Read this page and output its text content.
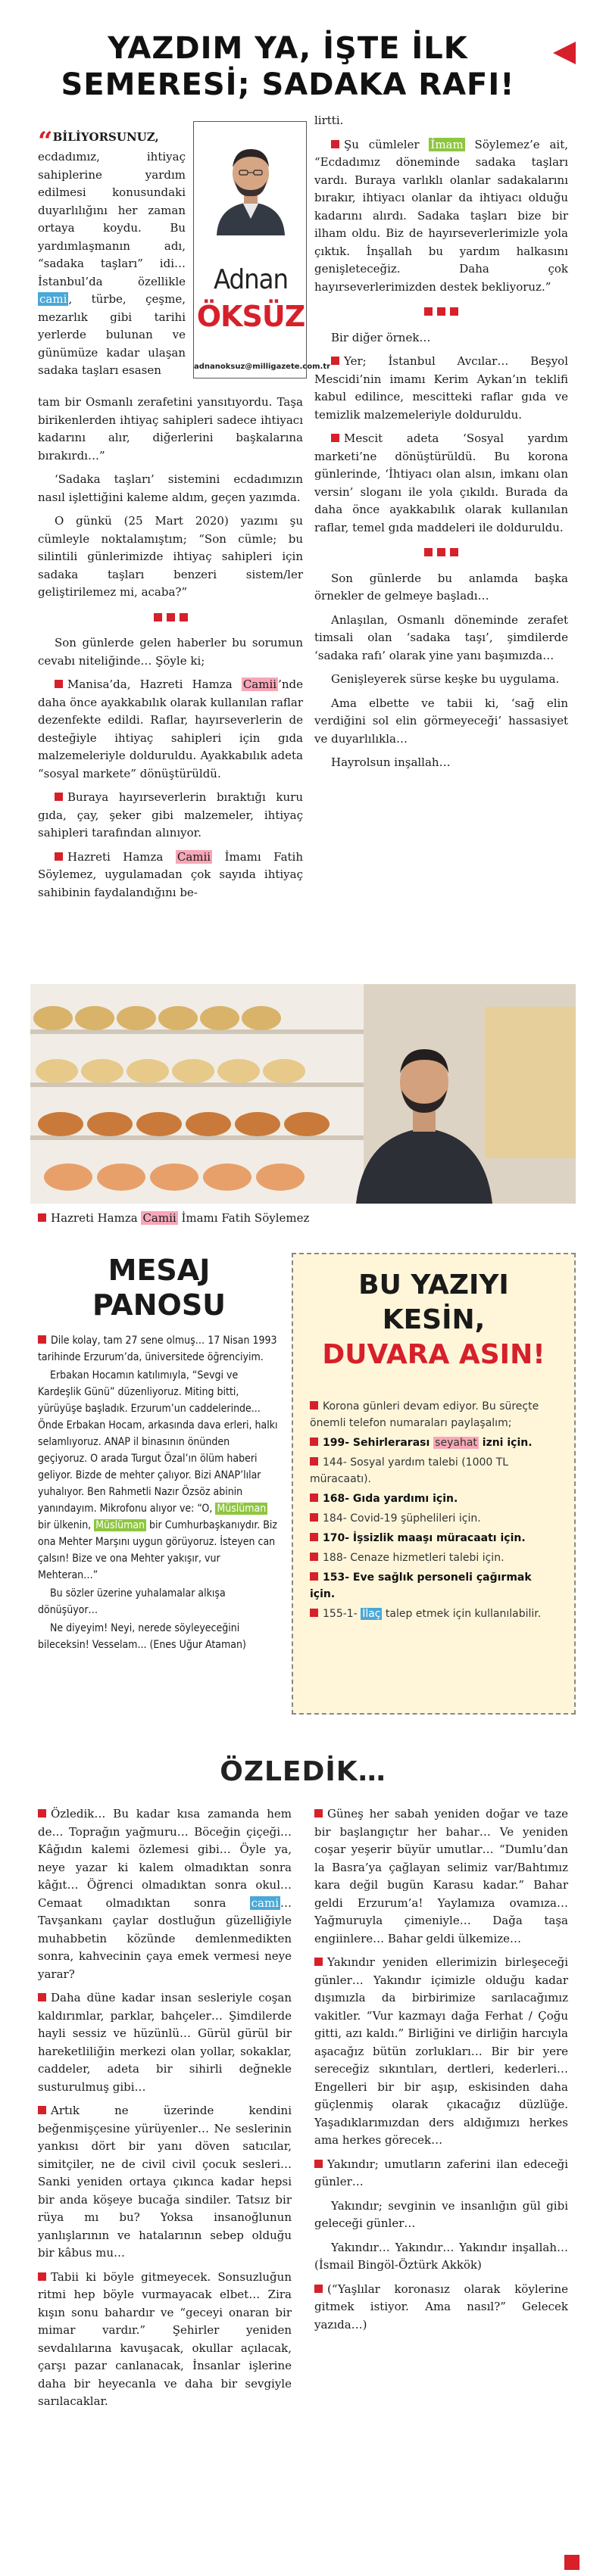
YAZDIM YA, İŞTE İLK
SEMERESİ; SADAKA RAFI!

“BİLİYORSUNUZ, ecdadımız, ihtiyaç sahiplerine yardım edilmesi konusundaki duyarlılığını her zaman ortaya koydu. Bu yardımlaşmanın adı, “sadaka taşları” idi… İstanbul’da özellikle cami , türbe, çeşme, mezarlık gibi tarihi yerlerde bulunan ve günümüze kadar ulaşan sadaka taşları esasen

Adnan
ÖKSÜZ
adnanoksuz@milligazete.com.tr

tam bir Osmanlı zerafetini yansıtıyordu. Taşa birikenlerden ihtiyaç sahipleri sadece ihtiyacı kadarını alır, diğerlerini başkalarına bırakırdı…”

‘Sadaka taşları’ sistemini ecdadımızın nasıl işlettiğini kaleme aldım, geçen yazımda.

O günkü (25 Mart 2020) yazımı şu cümleyle noktalamıştım; “Son cümle; bu silintili günlerimizde ihtiyaç sahipleri için sadaka taşları benzeri sistem/ler geliştirilemez mi, acaba?”

Son günlerde gelen haberler bu sorumun cevabı niteliğinde… Şöyle ki;

Manisa’da, Hazreti Hamza Camii ’nde daha önce ayakkabılık olarak kullanılan raflar dezenfekte edildi. Raflar, hayırseverlerin de desteğiyle ihtiyaç sahipleri için gıda malzemeleriyle dolduruldu. Ayakkabılık adeta “sosyal markete” dönüştürüldü.

Buraya hayırseverlerin bıraktığı kuru gıda, çay, şeker gibi malzemeler, ihtiyaç sahipleri tarafından alınıyor.

Hazreti Hamza Camii İmamı Fatih Söylemez, uygulamadan çok sayıda ihtiyaç sahibinin faydalandığını be-

lirtti.

Şu cümleler İmam Söylemez’e ait, “Ecdadımız döneminde sadaka taşları vardı. Buraya varlıklı olanlar sadakalarını bırakır, ihtiyacı olanlar da ihtiyacı olduğu kadarını alırdı. Sadaka taşları bize bir ilham oldu. Biz de hayırseverlerimizle yola çıktık. İnşallah bu yardım halkasını genişleteceğiz. Daha çok hayırseverlerimizden destek bekliyoruz.”

Bir diğer örnek…

Yer; İstanbul Avcılar… Beşyol Mescidi’nin imamı Kerim Aykan’ın teklifi kabul edilince, mescitteki raflar gıda ve temizlik malzemeleriyle dolduruldu.

Mescit adeta ‘Sosyal yardım marketi’ne dönüştürüldü. Bu korona günlerinde, ‘İhtiyacı olan alsın, imkanı olan versin’ sloganı ile yola çıkıldı. Burada da daha önce ayakkabılık olarak kullanılan raflar, temel gıda maddeleri ile dolduruldu.

Son günlerde bu anlamda başka örnekler de gelmeye başladı…

Anlaşılan, Osmanlı döneminde zerafet timsali olan ‘sadaka taşı’, şimdilerde ‘sadaka rafı’ olarak yine yanı başımızda…

Genişleyerek sürse keşke bu uygulama.

Ama elbette ve tabii ki, ‘sağ elin verdiğini sol elin görmeyeceği’ hassasiyet ve duyarlılıkla…

Hayrolsun inşallah…

Hazreti Hamza Camii İmamı Fatih Söylemez
MESAJ
PANOSU

Dile kolay, tam 27 sene olmuş… 17 Nisan 1993 tarihinde Erzurum’da, üniversitede öğrenciyim.

Erbakan Hocamın katılımıyla, “Sevgi ve Kardeşlik Günü” düzenliyoruz. Miting bitti, yürüyüşe başladık. Erzurum’un caddelerinde... Önde Erbakan Hocam, arkasında dava erleri, halkı selamlıyoruz. ANAP il binasının önünden geçiyoruz. O arada Turgut Özal’ın ölüm haberi geliyor. Bizde de mehter çalıyor. Bizi ANAP’lılar yuhalıyor. Ben Rahmetli Nazır Özsöz abinin yanındayım. Mikrofonu alıyor ve: “O, Müslüman bir ülkenin, Müslüman bir Cumhurbaşkanıydır. Biz ona Mehter Marşını uygun görüyoruz. İsteyen can çalsın! Bize ve ona Mehter yakışır, vur Mehteran…”

Bu sözler üzerine yuhalamalar alkışa dönüşüyor…

Ne diyeyim! Neyi, nerede söyleyeceğini bileceksin! Vesselam... (Enes Uğur Ataman)

BU YAZIYI
KESİN,
DUVARA ASIN!
Korona günleri devam ediyor. Bu süreçte önemli telefon numaraları paylaşalım;
199- Sehirlerarası seyahat izni için.
144- Sosyal yardım talebi (1000 TL müracaatı).
168- Gıda yardımı için.
184- Covid-19 şüphelileri için.
170- İşsizlik maaşı müracaatı için.
188- Cenaze hizmetleri talebi için.
153- Eve sağlık personeli çağırmak için.
155-1- İlaç talep etmek için kullanılabilir.
ÖZLEDİK…

Özledik… Bu kadar kısa zamanda hem de… Toprağın yağmuru… Böceğin çiçeği… Kâğıdın kalemi özlemesi gibi… Öyle ya, neye yazar ki kalem olmadıktan sonra kâğıt… Öğrenci olmadıktan sonra okul… Cemaat olmadıktan sonra cami … Tavşankanı çaylar dostluğun güzelliğiyle muhabbetin közünde demlenmedikten sonra, kahvecinin çaya emek vermesi neye yarar?

Daha düne kadar insan sesleriyle coşan kaldırımlar, parklar, bahçeler… Şimdilerde hayli sessiz ve hüzünlü… Gürül gürül bir hareketliliğin merkezi olan yollar, sokaklar, caddeler, adeta bir sihirli değnekle susturulmuş gibi…

Artık ne üzerinde kendini beğenmişçesine yürüyenler… Ne seslerinin yankısı dört bir yanı döven satıcılar, simitçiler, ne de civil civil çocuk sesleri… Sanki yeniden ortaya çıkınca kadar hepsi bir anda köşeye bucağa sindiler. Tatsız bir rüya mı bu? Yoksa insanoğlunun yanlışlarının ve hatalarının sebep olduğu bir kâbus mu…

Tabii ki böyle gitmeyecek. Sonsuzluğun ritmi hep böyle vurmayacak elbet… Zira kışın sonu bahardır ve “geceyi onaran bir mimar vardır.” Şehirler yeniden sevdalılarına kavuşacak, okullar açılacak, çarşı pazar canlanacak, İnsanlar işlerine daha bir heyecanla ve daha bir sevgiyle sarılacaklar.

Güneş her sabah yeniden doğar ve taze bir başlangıçtır her bahar… Ve yeniden coşar yeşerir büyür umutlar… “Dumlu’dan la Basra’ya çağlayan selimiz var/Bahtımız kara değil bugün Karasu kadar.” Bahar geldi Erzurum’a! Yaylamıza ovamıza… Yağmuruyla çimeniyle… Dağa taşa engiinlere… Bahar geldi ülkemize…

Yakındır yeniden ellerimizin birleşeceği günler… Yakındır içimizle olduğu kadar dışımızla da birbirimize sarılacağımız vakitler. “Vur kazmayı dağa Ferhat / Çoğu gitti, azı kaldı.” Birliğini ve dirliğin harcıyla aşacağız bütün zorlukları… Bir bir yere sereceğiz sıkıntıları, dertleri, kederleri… Engelleri bir bir aşıp, eskisinden daha güçlenmiş olarak çıkacağız düzlüğe. Yaşadıklarımızdan ders aldığımızı herkes ama herkes görecek…

Yakındır; umutların zaferini ilan edeceği günler…

Yakındır; sevginin ve insanlığın gül gibi geleceği günler…

Yakındır… Yakındır… Yakındır inşallah… (İsmail Bingöl-Öztürk Akkök)

(“Yaşlılar koronasız olarak köylerine gitmek istiyor. Ama nasıl?” Gelecek yazıda…)
